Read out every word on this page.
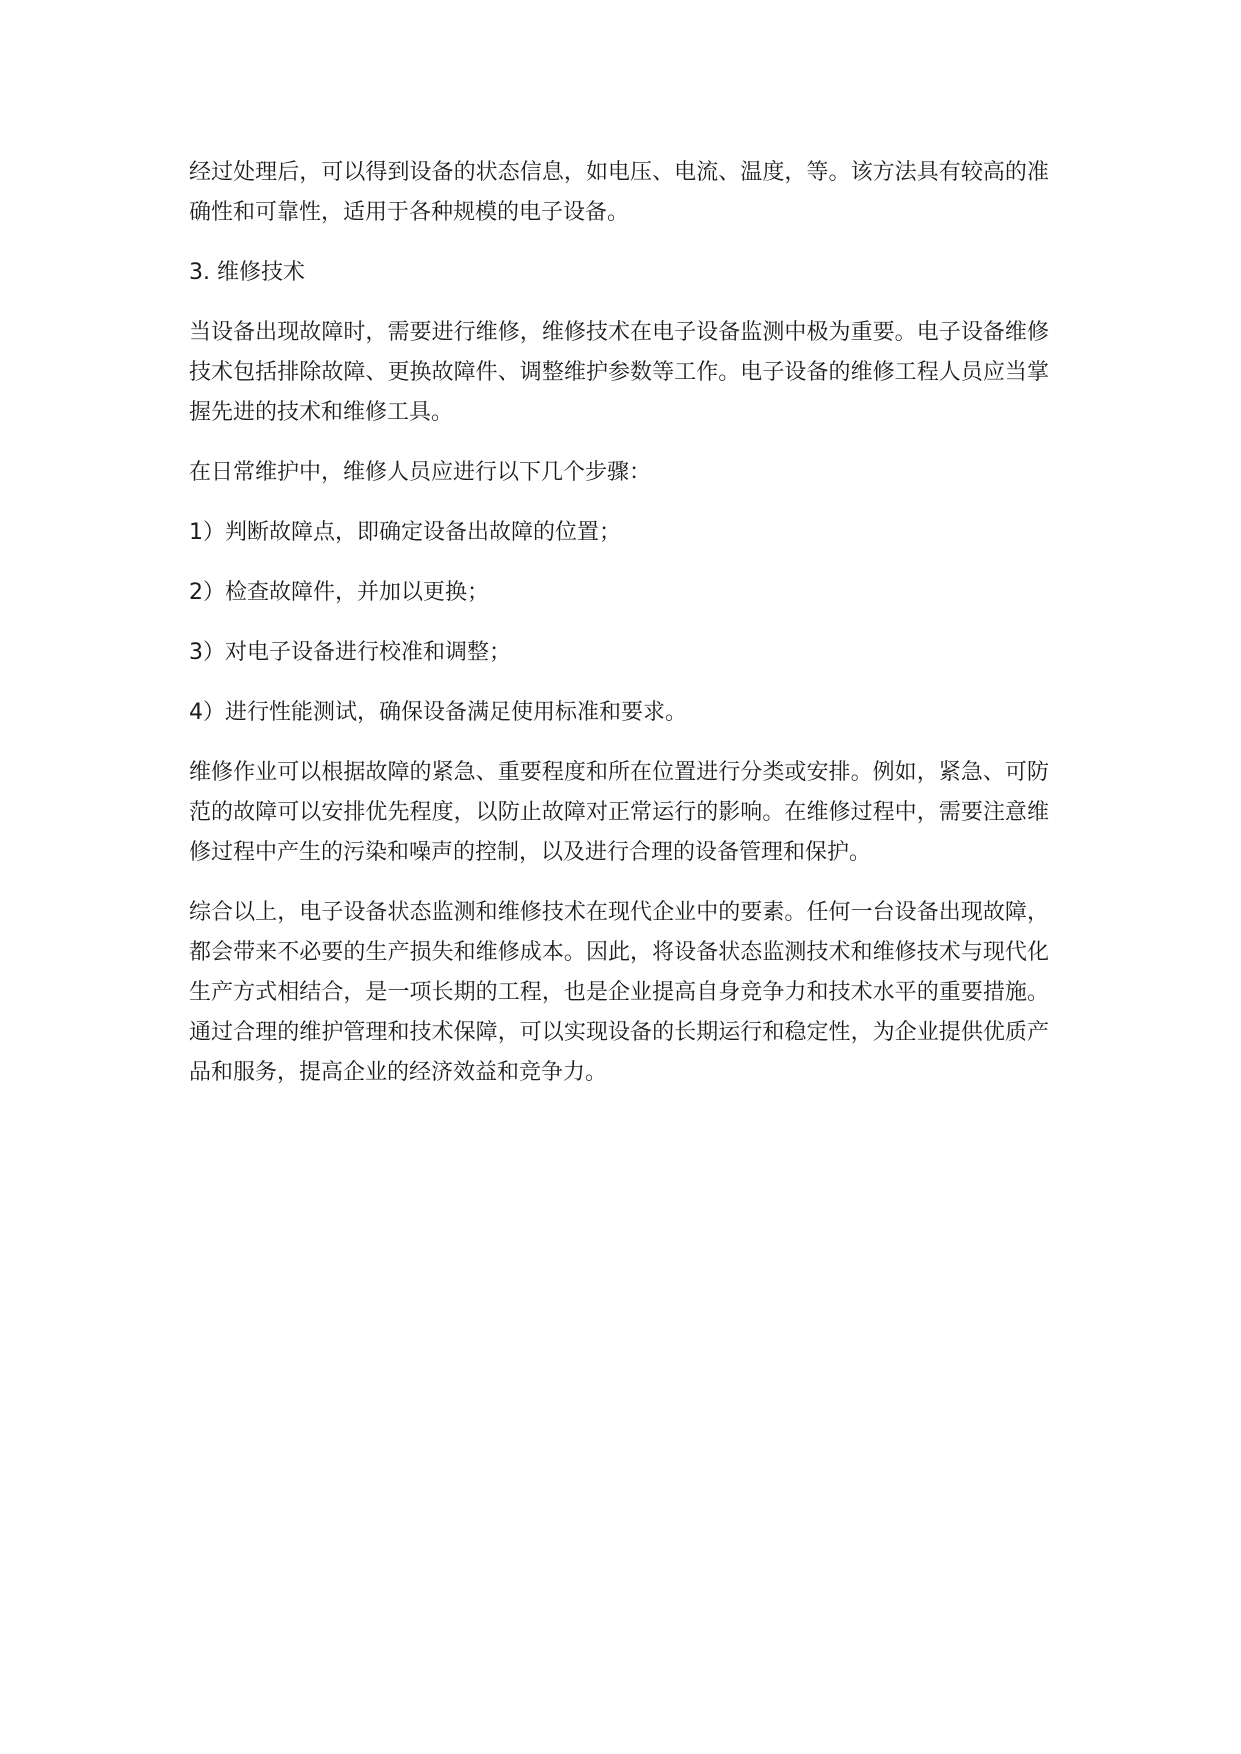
经过处理后，可以得到设备的状态信息，如电压、电流、温度，等。该方法具有较高的准确性和可靠性，适用于各种规模的电子设备。

3. 维修技术

当设备出现故障时，需要进行维修，维修技术在电子设备监测中极为重要。电子设备维修技术包括排除故障、更换故障件、调整维护参数等工作。电子设备的维修工程人员应当掌握先进的技术和维修工具。

在日常维护中，维修人员应进行以下几个步骤：

1）判断故障点，即确定设备出故障的位置；

2）检查故障件，并加以更换；

3）对电子设备进行校准和调整；

4）进行性能测试，确保设备满足使用标准和要求。

维修作业可以根据故障的紧急、重要程度和所在位置进行分类或安排。例如，紧急、可防范的故障可以安排优先程度，以防止故障对正常运行的影响。在维修过程中，需要注意维修过程中产生的污染和噪声的控制，以及进行合理的设备管理和保护。

综合以上，电子设备状态监测和维修技术在现代企业中的要素。任何一台设备出现故障，都会带来不必要的生产损失和维修成本。因此，将设备状态监测技术和维修技术与现代化生产方式相结合，是一项长期的工程，也是企业提高自身竞争力和技术水平的重要措施。通过合理的维护管理和技术保障，可以实现设备的长期运行和稳定性，为企业提供优质产品和服务，提高企业的经济效益和竞争力。
